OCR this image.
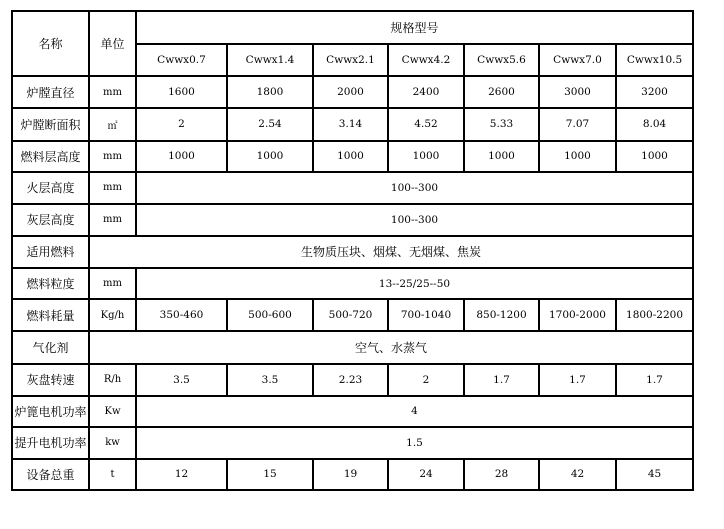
名称	单位	规格型号						
		Cwwx0.7	Cwwx1.4	Cwwx2.1	Cwwx4.2	Cwwx5.6	Cwwx7.0	Cwwx10.5
炉膛直径	mm	1600	1800	2000	2400	2600	3000	3200
炉膛断面积	㎡	2	2.54	3.14	4.52	5.33	7.07	8.04
燃料层高度	mm	1000	1000	1000	1000	1000	1000	1000
火层高度	mm	100--300						
灰层高度	mm	100--300						
适用燃料	生物质压块、烟煤、无烟煤、焦炭							
燃料粒度	mm	13--25/25--50						
燃料耗量	Kg/h	350-460	500-600	500-720	700-1040	850-1200	1700-2000	1800-2200
气化剂	空气、水蒸气							
灰盘转速	R/h	3.5	3.5	2.23	2	1.7	1.7	1.7
炉篦电机功率	Kw	4						
提升电机功率	kw	1.5						
设备总重	t	12	15	19	24	28	42	45
